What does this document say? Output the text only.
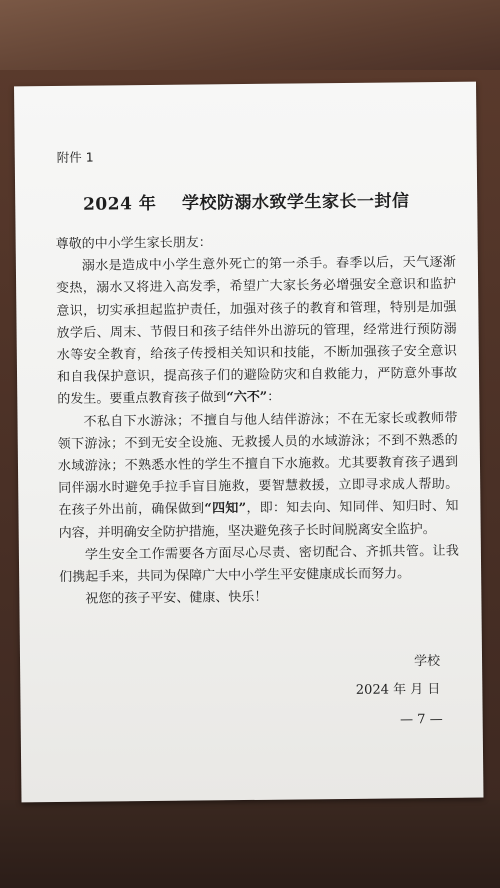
附件 1
2024 年    学校防溺水致学生家长一封信

尊敬的中小学生家长朋友：

溺水是造成中小学生意外死亡的第一杀手。春季以后，天气逐渐变热，溺水又将进入高发季，希望广大家长务必增强安全意识和监护意识，切实承担起监护责任，加强对孩子的教育和管理，特别是加强放学后、周末、节假日和孩子结伴外出游玩的管理，经常进行预防溺水等安全教育，给孩子传授相关知识和技能，不断加强孩子安全意识和自我保护意识，提高孩子们的避险防灾和自救能力，严防意外事故的发生。要重点教育孩子做到“六不”：

不私自下水游泳；不擅自与他人结伴游泳；不在无家长或教师带领下游泳；不到无安全设施、无救援人员的水域游泳；不到不熟悉的水域游泳；不熟悉水性的学生不擅自下水施救。尤其要教育孩子遇到同伴溺水时避免手拉手盲目施救，要智慧救援，立即寻求成人帮助。在孩子外出前，确保做到“四知”，即：知去向、知同伴、知归时、知内容，并明确安全防护措施，坚决避免孩子长时间脱离安全监护。

学生安全工作需要各方面尽心尽责、密切配合、齐抓共管。让我们携起手来，共同为保障广大中小学生平安健康成长而努力。

祝您的孩子平安、健康、快乐！

学校
2024 年 月 日
— 7 —
